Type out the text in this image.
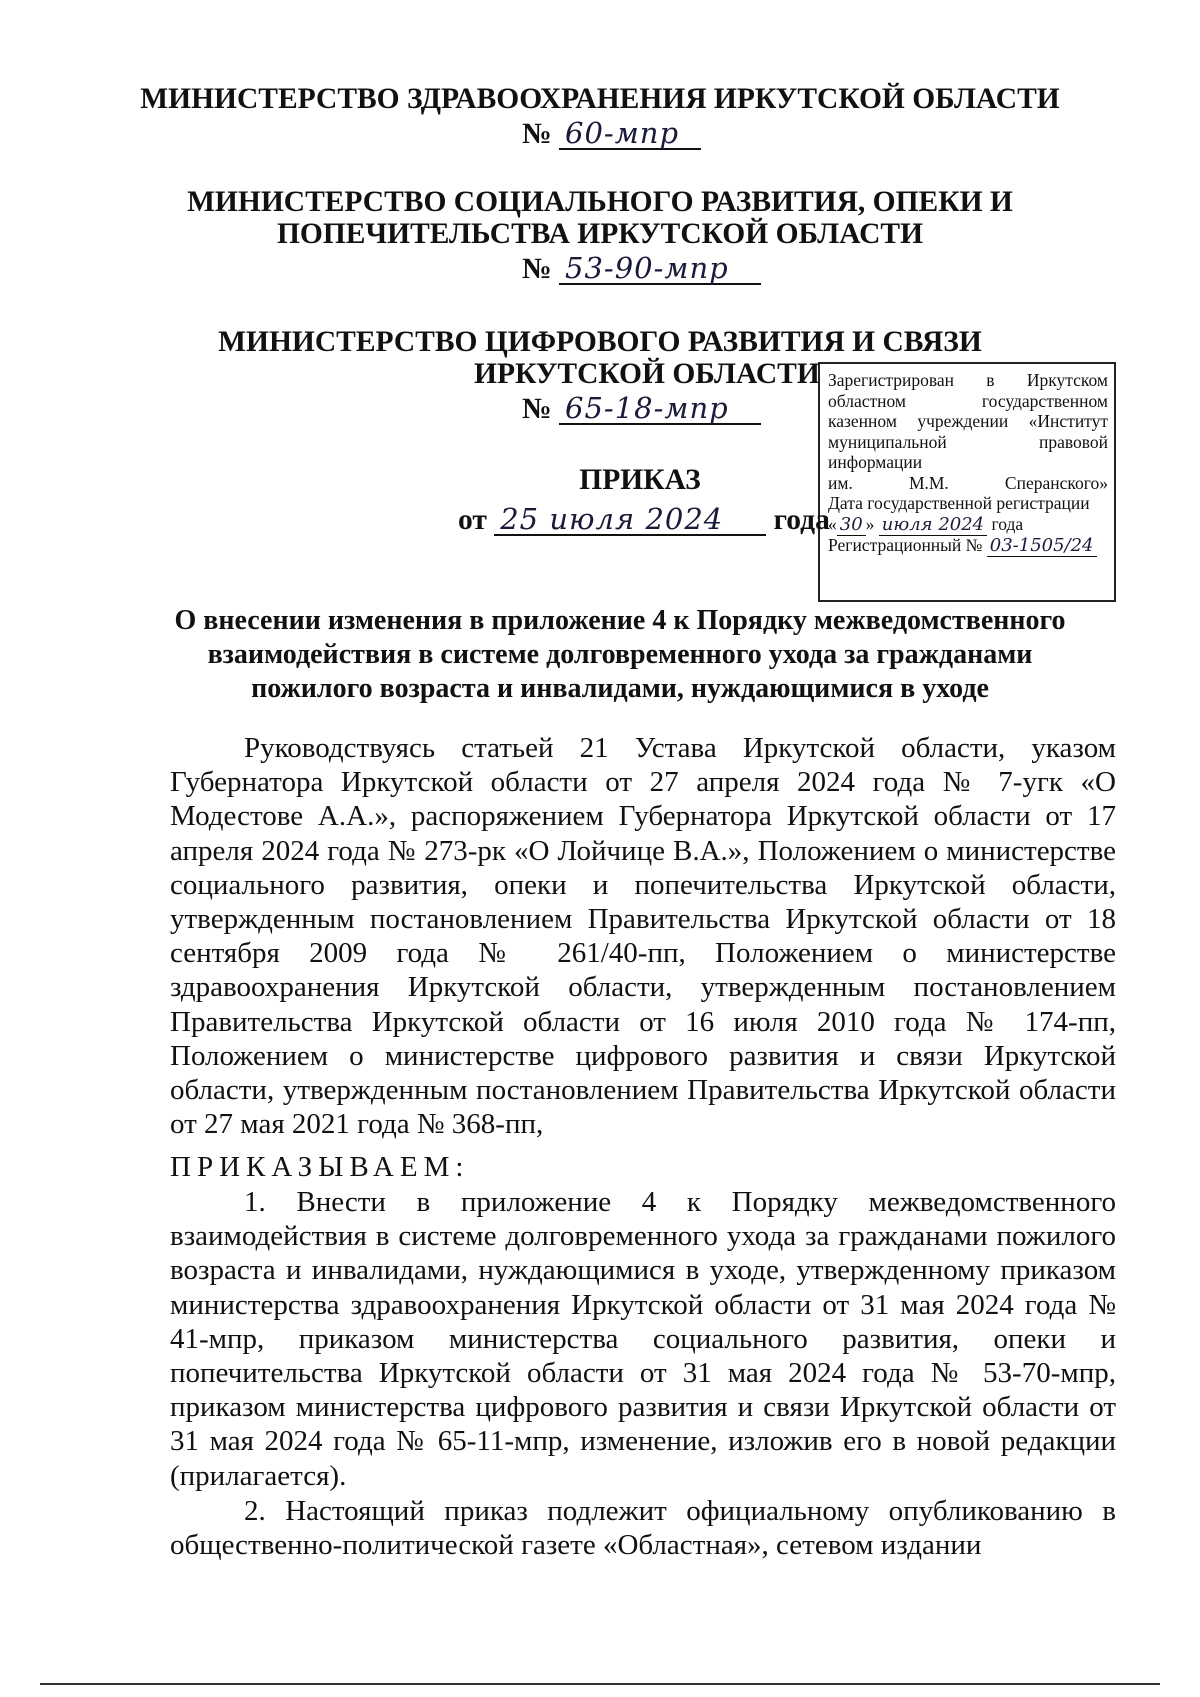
МИНИСТЕРСТВО ЗДРАВООХРАНЕНИЯ ИРКУТСКОЙ ОБЛАСТИ
№ 60-мпр
МИНИСТЕРСТВО СОЦИАЛЬНОГО РАЗВИТИЯ, ОПЕКИ И
ПОПЕЧИТЕЛЬСТВА ИРКУТСКОЙ ОБЛАСТИ
№ 53-90-мпр
МИНИСТЕРСТВО ЦИФРОВОГО РАЗВИТИЯ И СВЯЗИ
ИРКУТСКОЙ ОБЛАСТИ
№ 65-18-мпр
Зарегистрирован в Иркутском
областном государственном
казенном учреждении «Институт
муниципальной правовой
информации
им. М.М. Сперанского»
Дата государственной регистрации
« 30 » июля 2024 года
Регистрационный № 03-1505/24
ПРИКАЗ
от 25 июля 2024 года
О внесении изменения в приложение 4 к Порядку межведомственного
взаимодействия в системе долговременного ухода за гражданами
пожилого возраста и инвалидами, нуждающимися в уходе

Руководствуясь статьей 21 Устава Иркутской области, указом Губернатора Иркутской области от 27 апреля 2024 года № 7-угк «О Модестове А.А.», распоряжением Губернатора Иркутской области от 17 апреля 2024 года № 273-рк «О Лойчице В.А.», Положением о министерстве социального развития, опеки и попечительства Иркутской области, утвержденным постановлением Правительства Иркутской области от 18 сентября 2009 года № 261/40-пп, Положением о министерстве здравоохранения Иркутской области, утвержденным постановлением Правительства Иркутской области от 16 июля 2010 года № 174-пп, Положением о министерстве цифрового развития и связи Иркутской области, утвержденным постановлением Правительства Иркутской области от 27 мая 2021 года № 368-пп,

ПРИКАЗЫВАЕМ:

1. Внести в приложение 4 к Порядку межведомственного взаимодействия в системе долговременного ухода за гражданами пожилого возраста и инвалидами, нуждающимися в уходе, утвержденному приказом министерства здравоохранения Иркутской области от 31 мая 2024 года № 41-мпр, приказом министерства социального развития, опеки и попечительства Иркутской области от 31 мая 2024 года № 53-70-мпр, приказом министерства цифрового развития и связи Иркутской области от 31 мая 2024 года № 65-11-мпр, изменение, изложив его в новой редакции (прилагается).

2. Настоящий приказ подлежит официальному опубликованию в общественно-политической газете «Областная», сетевом издании
